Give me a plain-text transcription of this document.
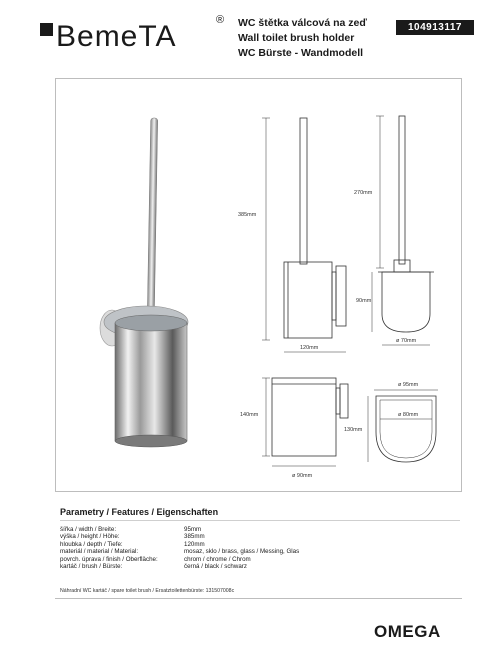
BemeTA	® WC štětka válcová na zeď
Wall toilet brush holder
WC Bürste - Wandmodell
104913117
385mm
120mm
270mm
90mm
ø 70mm
140mm
ø 90mm
ø 95mm
ø 80mm
130mm
Parametry / Features / Eigenschaften
šířka / width / Breite:	95mm
výška / height / Höhe:	385mm
hloubka / depth / Tiefe:	120mm
materiál / material / Material:	mosaz, sklo / brass, glass / Messing, Glas
povrch. úprava / finish / Oberfläche:	chrom / chrome / Chrom
kartáč / brush / Bürste:	černá / black / schwarz
Náhradní WC kartáč / spare toilet brush / Ersatztoilettenbürste: 131507008c
OMEGA
